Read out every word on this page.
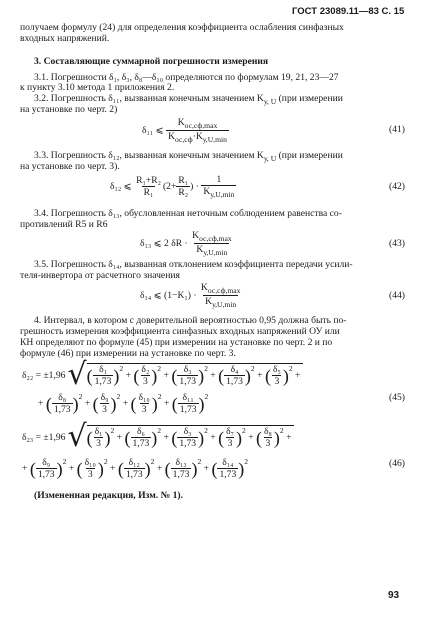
ГОСТ 23089.11—83 С. 15
получаем формулу (24) для определения коэффициента ослабления синфазных
входных напряжений.
3. Составляющие суммарной погрешности измерения
3.1. Погрешности δ₁, δ₃, δ₈—δ₁₀ определяются по формулам 19, 21, 23—27
к пункту 3.10 метода 1 приложения 2.
3.2. Погрешность δ₁₁, вызванная конечным значением $K_{у, U}$ (при измерении
на установке по черт. 2)
δ₁₁ ⩽
$\frac{K_{ос,сф,max}}{K_{ос,сф}\cdot K_{у,U,min}}$	(41)
3.3. Погрешность δ₁₂, вызванная конечным значением $K_{у, U}$ (при измерении
на установке по черт. 3).
δ₁₂ ⩽
$\frac{\text{R₁+R₂}}{\text{R₁}} (2+ \frac{\text{R₁}}{\text{R₂}}$ ) ·
$\frac{1}{K_{у,U,min}}$	(42)
3.4. Погрешность δ₁₃, обусловленная неточным соблюдением равенства со-
противлений R5 и R6
δ₁₃ ⩽ 2 δR ·
$\frac{K_{ос,сф,max}}{K_{у,U,min}}$	(43)
3.5. Погрешность δ₁₄, вызванная отклонением коэффициента передачи усили-
теля-инвертора от расчетного значения
δ₁₄ ⩽ (1−K₁) ·
$\frac{K_{ос,сф,max}}{K_{у,U,min}}$	(44)
4. Интервал, в котором с доверительной вероятностью 0,95 должна быть по-
грешность измерения коэффициента синфазных входных напряжений ОУ или
КН определяют по формуле (45) при измерении на установке по черт. 2 и по
формуле (46) при измерении на установке по черт. 3.
δ₂₂ = ±1,96 √ ( $\frac{\text{δ₁}}{1,73} )^2$
+ ( $\frac{\text{δ₂}}{3} )^2$
+ ( $\frac{\text{δ₃}}{1,73} )^2$
+ ( $\frac{\text{δ₄}}{1,73} )^2$
+ ( $\frac{\text{δ₅}}{3} )^2$
+
+ ( $\frac{\text{δ₈}}{1,73} )^2$
+ ( $\frac{\text{δ₉}}{3} )^2$
+ ( $\frac{\text{δ₁₀}}{3} )^2$
+ ( $\frac{\text{δ₁₁}}{1,73} )^2$	(45)
δ₂₃ = ±1,96 √ ( $\frac{\text{δ₁}}{3} )^2$
+ ( $\frac{\text{δ₆}}{1,73} )^2$
+ ( $\frac{\text{δ₃}}{1,73} )^2$
+ ( $\frac{\text{δ₇}}{3} )^2$
+ ( $\frac{\text{δ₈}}{3} )^2$
+
+ ( $\frac{\text{δ₉}}{1,73} )^2$
+ ( $\frac{\text{δ₁₀}}{3} )^2$
+ ( $\frac{\text{δ₁₂}}{1,73} )^2$
+ ( $\frac{\text{δ₁₃}}{1,73} )^2$
+ ( $\frac{\text{δ₁₄}}{1,73} )^2$	(46)
(Измененная редакция, Изм. № 1).
93
